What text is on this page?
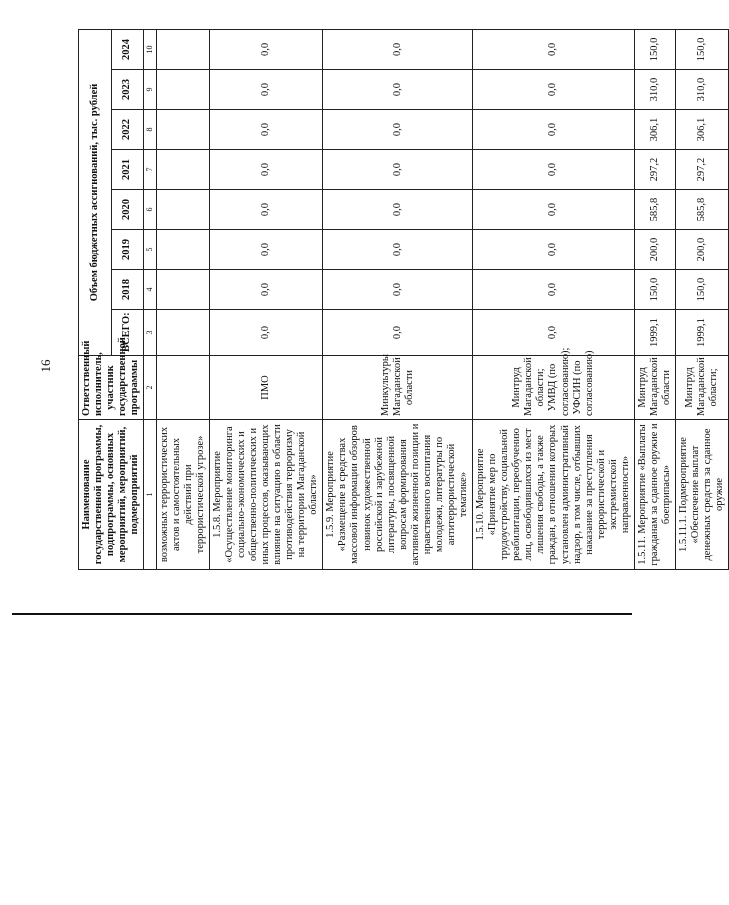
16
Наименование государственной программы, подпрограммы, основных мероприятий, мероприятий, подмероприятий	Ответственный исполнитель, участник государственной программы	Объем бюджетных ассигнований, тыс. рублей							
		ВСЕГО:	2018	2019	2020	2021	2022	2023	2024
1	2	3	4	5	6	7	8	9	10
возможных террористических актов и самостоятельных действий при террористической угрозе»									
1.5.8. Мероприятие «Осуществление мониторинга социально-экономических и общественно-политических и иных процессов, оказывающих влияние на ситуацию в области противодействия терроризму на территории Магаданской области»	ПМО	0,0	0,0	0,0	0,0	0,0	0,0	0,0	0,0
1.5.9. Мероприятие «Размещение в средствах массовой информации обзоров новинок художественной российской и зарубежной литературы, посвященной вопросам формирования активной жизненной позиции и нравственного воспитания молодежи, литературы по антитеррористической тематике»	Минкультуры Магаданской области	0,0	0,0	0,0	0,0	0,0	0,0	0,0	0,0
1.5.10. Мероприятие «Принятие мер по трудоустройству, социальной реабилитации, переобучению лиц, освободившихся из мест лишения свободы, а также граждан, в отношении которых установлен административный надзор, в том числе, отбывших наказание за преступления террористической и экстремистской направленности»	Минтруд Магаданской области; УМВД (по согласованию); УФСИН (по согласованию)	0,0	0,0	0,0	0,0	0,0	0,0	0,0	0,0
1.5.11. Мероприятие «Выплаты гражданам за сданное оружие и боеприпасы»	Минтруд Магаданской области	1999,1	150,0	200,0	585,8	297,2	306,1	310,0	150,0
1.5.11.1. Подмероприятие «Обеспечение выплат денежных средств за сданное оружие	Минтруд Магаданской области;	1999,1	150,0	200,0	585,8	297,2	306,1	310,0	150,0
